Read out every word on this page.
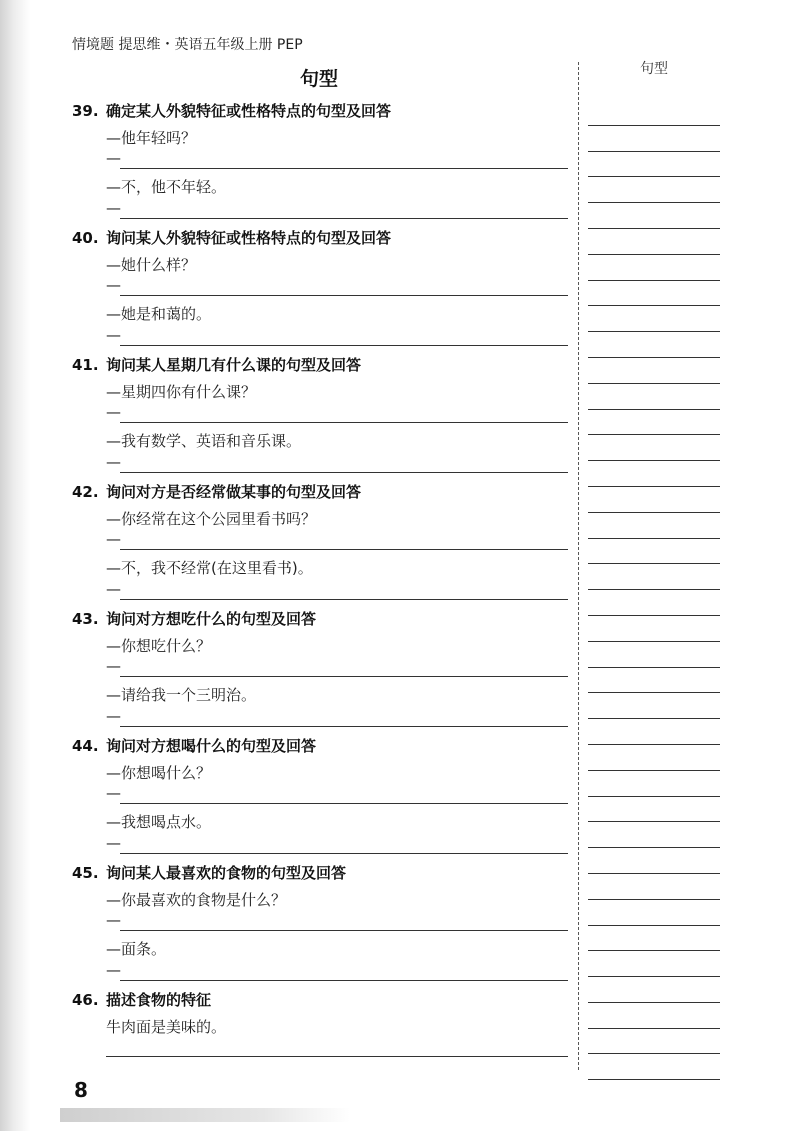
情境题 提思维・英语五年级上册 PEP
句型	句型
39. 确定某人外貌特征或性格特点的句型及回答
—他年轻吗？
—
—不，他不年轻。
—
40. 询问某人外貌特征或性格特点的句型及回答
—她什么样？
—
—她是和蔼的。
—
41. 询问某人星期几有什么课的句型及回答
—星期四你有什么课？
—
—我有数学、英语和音乐课。
—
42. 询问对方是否经常做某事的句型及回答
—你经常在这个公园里看书吗？
—
—不，我不经常(在这里看书)。
—
43. 询问对方想吃什么的句型及回答
—你想吃什么？
—
—请给我一个三明治。
—
44. 询问对方想喝什么的句型及回答
—你想喝什么？
—
—我想喝点水。
—
45. 询问某人最喜欢的食物的句型及回答
—你最喜欢的食物是什么？
—
—面条。
—
46. 描述食物的特征
牛肉面是美味的。
8
